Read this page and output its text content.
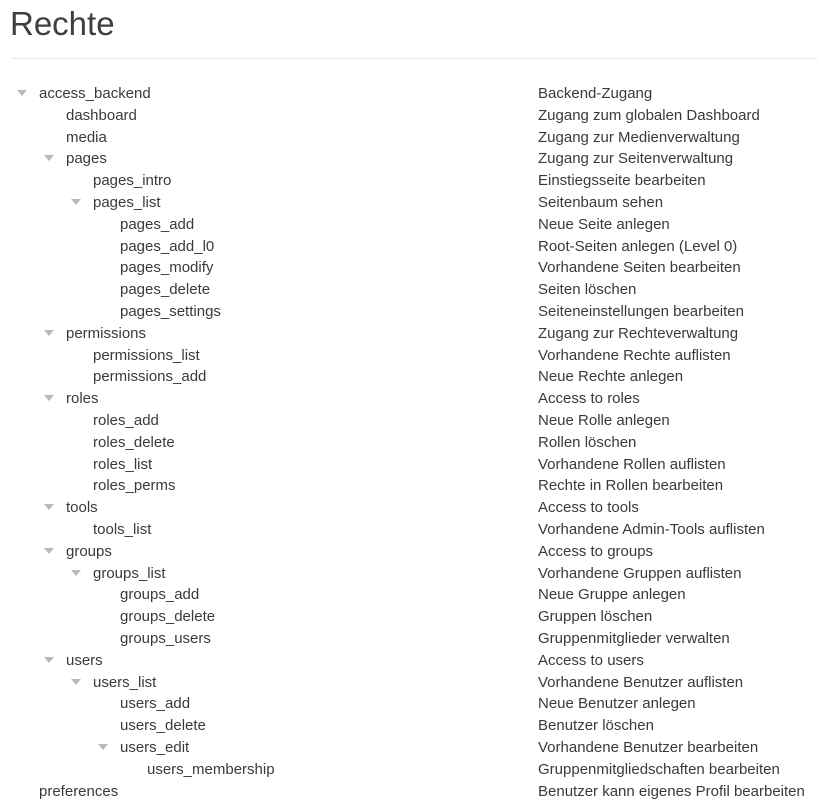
Rechte
access_backend	Backend-Zugang
dashboard	Zugang zum globalen Dashboard
media	Zugang zur Medienverwaltung
pages	Zugang zur Seitenverwaltung
pages_intro	Einstiegsseite bearbeiten
pages_list	Seitenbaum sehen
pages_add	Neue Seite anlegen
pages_add_l0	Root-Seiten anlegen (Level 0)
pages_modify	Vorhandene Seiten bearbeiten
pages_delete	Seiten löschen
pages_settings	Seiteneinstellungen bearbeiten
permissions	Zugang zur Rechteverwaltung
permissions_list	Vorhandene Rechte auflisten
permissions_add	Neue Rechte anlegen
roles	Access to roles
roles_add	Neue Rolle anlegen
roles_delete	Rollen löschen
roles_list	Vorhandene Rollen auflisten
roles_perms	Rechte in Rollen bearbeiten
tools	Access to tools
tools_list	Vorhandene Admin-Tools auflisten
groups	Access to groups
groups_list	Vorhandene Gruppen auflisten
groups_add	Neue Gruppe anlegen
groups_delete	Gruppen löschen
groups_users	Gruppenmitglieder verwalten
users	Access to users
users_list	Vorhandene Benutzer auflisten
users_add	Neue Benutzer anlegen
users_delete	Benutzer löschen
users_edit	Vorhandene Benutzer bearbeiten
users_membership	Gruppenmitgliedschaften bearbeiten
preferences	Benutzer kann eigenes Profil bearbeiten
